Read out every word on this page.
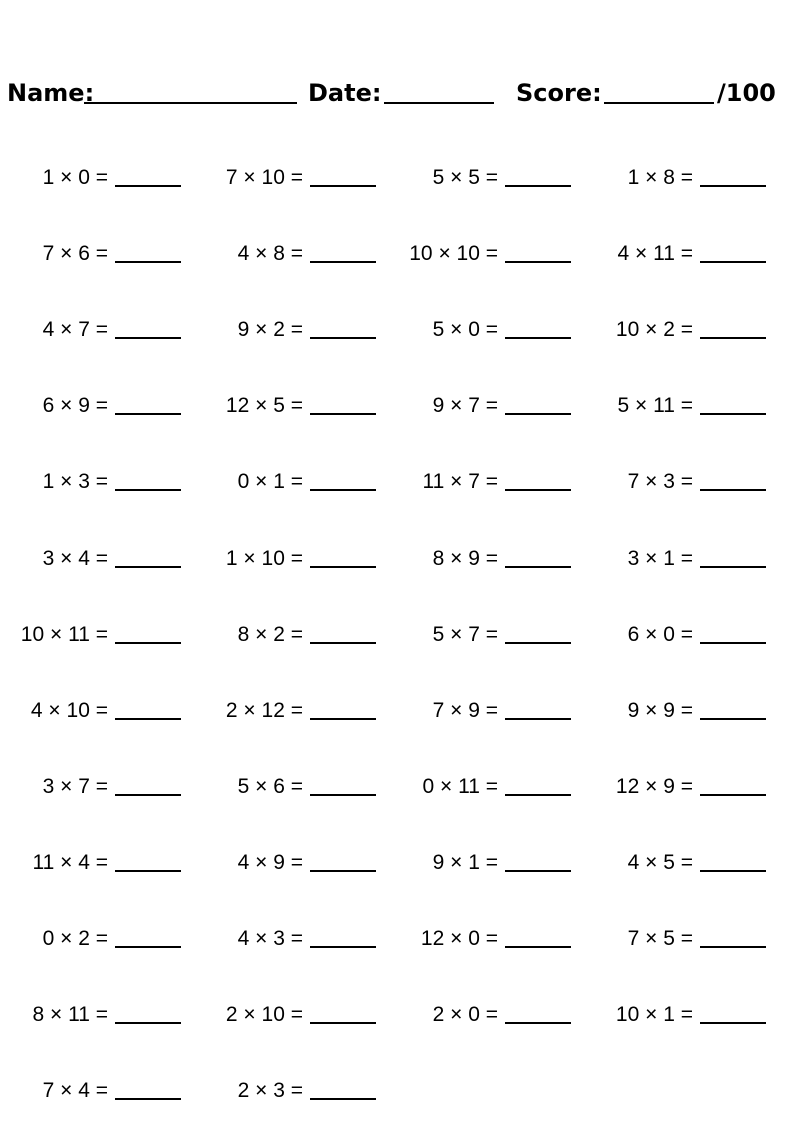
Name:	Date:	Score:	/100
1 × 0 =	7 × 10 =	5 × 5 =	1 × 8 =
7 × 6 =	4 × 8 =	10 × 10 =	4 × 11 =
4 × 7 =	9 × 2 =	5 × 0 =	10 × 2 =
6 × 9 =	12 × 5 =	9 × 7 =	5 × 11 =
1 × 3 =	0 × 1 =	11 × 7 =	7 × 3 =
3 × 4 =	1 × 10 =	8 × 9 =	3 × 1 =
10 × 11 =	8 × 2 =	5 × 7 =	6 × 0 =
4 × 10 =	2 × 12 =	7 × 9 =	9 × 9 =
3 × 7 =	5 × 6 =	0 × 11 =	12 × 9 =
11 × 4 =	4 × 9 =	9 × 1 =	4 × 5 =
0 × 2 =	4 × 3 =	12 × 0 =	7 × 5 =
8 × 11 =	2 × 10 =	2 × 0 =	10 × 1 =
7 × 4 =	2 × 3 =
